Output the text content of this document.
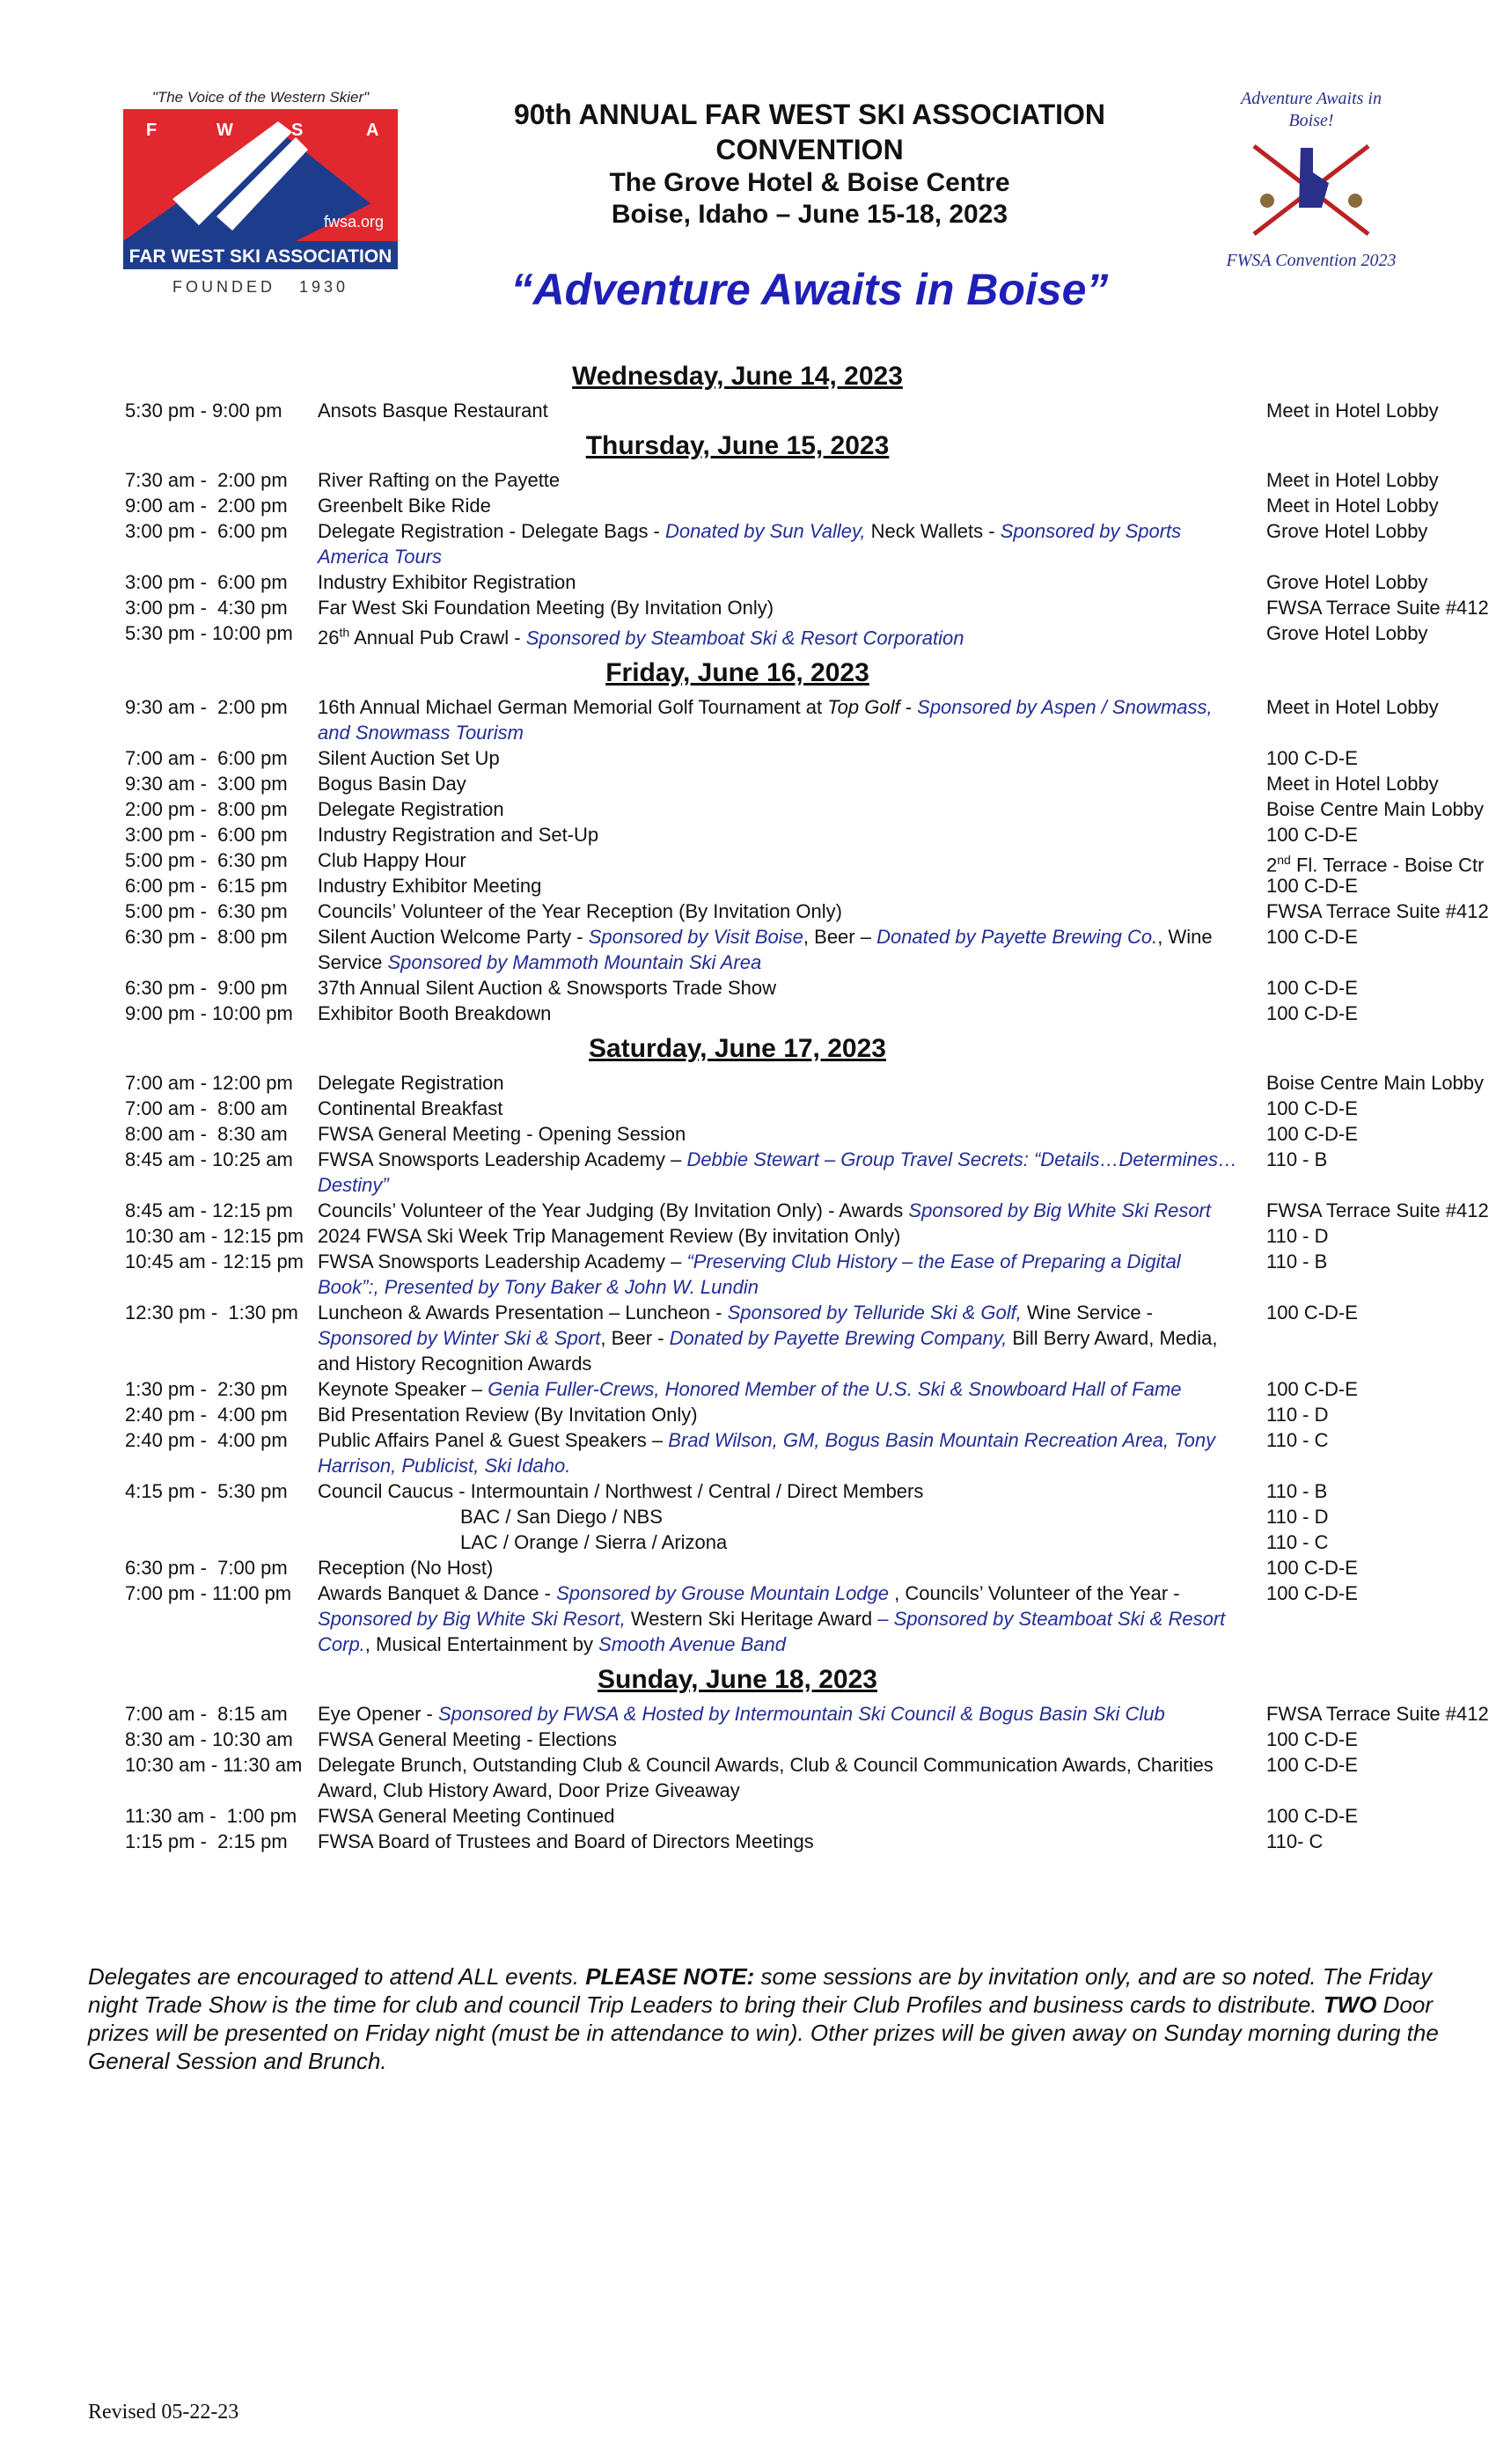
"The Voice of the Western Skier"
F	W	S	A
fwsa.org
FAR WEST SKI ASSOCIATION
FOUNDED   1930
Adventure Awaits in
Boise!
FWSA Convention 2023
90th ANNUAL FAR WEST SKI ASSOCIATION
CONVENTION
The Grove Hotel & Boise Centre
Boise, Idaho – June 15-18, 2023
“Adventure Awaits in Boise”
Wednesday, June 14, 2023
5:30 pm - 9:00 pm	Ansots Basque Restaurant	Meet in Hotel Lobby
Thursday, June 15, 2023
7:30 am -  2:00 pm	River Rafting on the Payette	Meet in Hotel Lobby
9:00 am -  2:00 pm	Greenbelt Bike Ride	Meet in Hotel Lobby
3:00 pm -  6:00 pm	Delegate Registration - Delegate Bags - Donated by Sun Valley, Neck Wallets - Sponsored by Sports America Tours
Grove Hotel Lobby
3:00 pm -  6:00 pm	Industry Exhibitor Registration	Grove Hotel Lobby
3:00 pm -  4:30 pm	Far West Ski Foundation Meeting (By Invitation Only)	FWSA Terrace Suite #412
5:30 pm - 10:00 pm	26th Annual Pub Crawl - Sponsored by Steamboat Ski & Resort Corporation	Grove Hotel Lobby
Friday, June 16, 2023
9:30 am -  2:00 pm	16th Annual Michael German Memorial Golf Tournament at Top Golf - Sponsored by Aspen / Snowmass, and Snowmass Tourism
Meet in Hotel Lobby
7:00 am -  6:00 pm	Silent Auction Set Up	100 C-D-E
9:30 am -  3:00 pm	Bogus Basin Day	Meet in Hotel Lobby
2:00 pm -  8:00 pm	Delegate Registration	Boise Centre Main Lobby
3:00 pm -  6:00 pm	Industry Registration and Set-Up	100 C-D-E
5:00 pm -  6:30 pm	Club Happy Hour	2nd Fl. Terrace - Boise Ctr
6:00 pm -  6:15 pm	Industry Exhibitor Meeting	100 C-D-E
5:00 pm -  6:30 pm	Councils’ Volunteer of the Year Reception (By Invitation Only)	FWSA Terrace Suite #412
6:30 pm -  8:00 pm	Silent Auction Welcome Party - Sponsored by Visit Boise, Beer – Donated by Payette Brewing Co., Wine Service Sponsored by Mammoth Mountain Ski Area
100 C-D-E
6:30 pm -  9:00 pm	37th Annual Silent Auction & Snowsports Trade Show	100 C-D-E
9:00 pm - 10:00 pm	Exhibitor Booth Breakdown	100 C-D-E
Saturday, June 17, 2023
7:00 am - 12:00 pm	Delegate Registration	Boise Centre Main Lobby
7:00 am -  8:00 am	Continental Breakfast	100 C-D-E
8:00 am -  8:30 am	FWSA General Meeting - Opening Session	100 C-D-E
8:45 am - 10:25 am	FWSA Snowsports Leadership Academy – Debbie Stewart – Group Travel Secrets: “Details…Determines…Destiny”
110 - B
8:45 am - 12:15 pm	Councils’ Volunteer of the Year Judging (By Invitation Only) - Awards Sponsored by Big White Ski Resort	FWSA Terrace Suite #412
10:30 am - 12:15 pm 2024 FWSA Ski Week Trip Management Review (By invitation Only)	110 - D
10:45 am - 12:15 pm FWSA Snowsports Leadership Academy – “Preserving Club History – the Ease of Preparing a Digital Book”:, Presented by Tony Baker & John W. Lundin
110 - B
12:30 pm -  1:30 pm Luncheon & Awards Presentation – Luncheon - Sponsored by Telluride Ski & Golf, Wine Service - Sponsored by Winter Ski & Sport, Beer - Donated by Payette Brewing Company, Bill Berry Award, Media, and History Recognition Awards
100 C-D-E
1:30 pm -  2:30 pm	Keynote Speaker – Genia Fuller-Crews, Honored Member of the U.S. Ski & Snowboard Hall of Fame	100 C-D-E
2:40 pm -  4:00 pm	Bid Presentation Review (By Invitation Only)	110 - D
2:40 pm -  4:00 pm	Public Affairs Panel & Guest Speakers – Brad Wilson, GM, Bogus Basin Mountain Recreation Area, Tony Harrison, Publicist, Ski Idaho.
110 - C
4:15 pm -  5:30 pm	Council Caucus - Intermountain / Northwest / Central / Direct Members	110 - B
BAC / San Diego / NBS	110 - D
LAC / Orange / Sierra / Arizona	110 - C
6:30 pm -  7:00 pm	Reception (No Host)	100 C-D-E
7:00 pm - 11:00 pm	Awards Banquet & Dance - Sponsored by Grouse Mountain Lodge , Councils’ Volunteer of the Year - Sponsored by Big White Ski Resort, Western Ski Heritage Award – Sponsored by Steamboat Ski & Resort Corp., Musical Entertainment by Smooth Avenue Band
100 C-D-E
Sunday, June 18, 2023
7:00 am -  8:15 am	Eye Opener - Sponsored by FWSA & Hosted by Intermountain Ski Council & Bogus Basin Ski Club	FWSA Terrace Suite #412
8:30 am - 10:30 am	FWSA General Meeting - Elections	100 C-D-E
10:30 am - 11:30 am Delegate Brunch, Outstanding Club & Council Awards, Club & Council Communication Awards, Charities Award, Club History Award, Door Prize Giveaway
100 C-D-E
11:30 am -  1:00 pm FWSA General Meeting Continued	100 C-D-E
1:15 pm -  2:15 pm	FWSA Board of Trustees and Board of Directors Meetings	110- C
Delegates are encouraged to attend ALL events. PLEASE NOTE: some sessions are by invitation only, and are so noted. The Friday night Trade Show is the time for club and council Trip Leaders to bring their Club Profiles and business cards to distribute. TWO Door prizes will be presented on Friday night (must be in attendance to win). Other prizes will be given away on Sunday morning during the General Session and Brunch.
Revised 05-22-23
